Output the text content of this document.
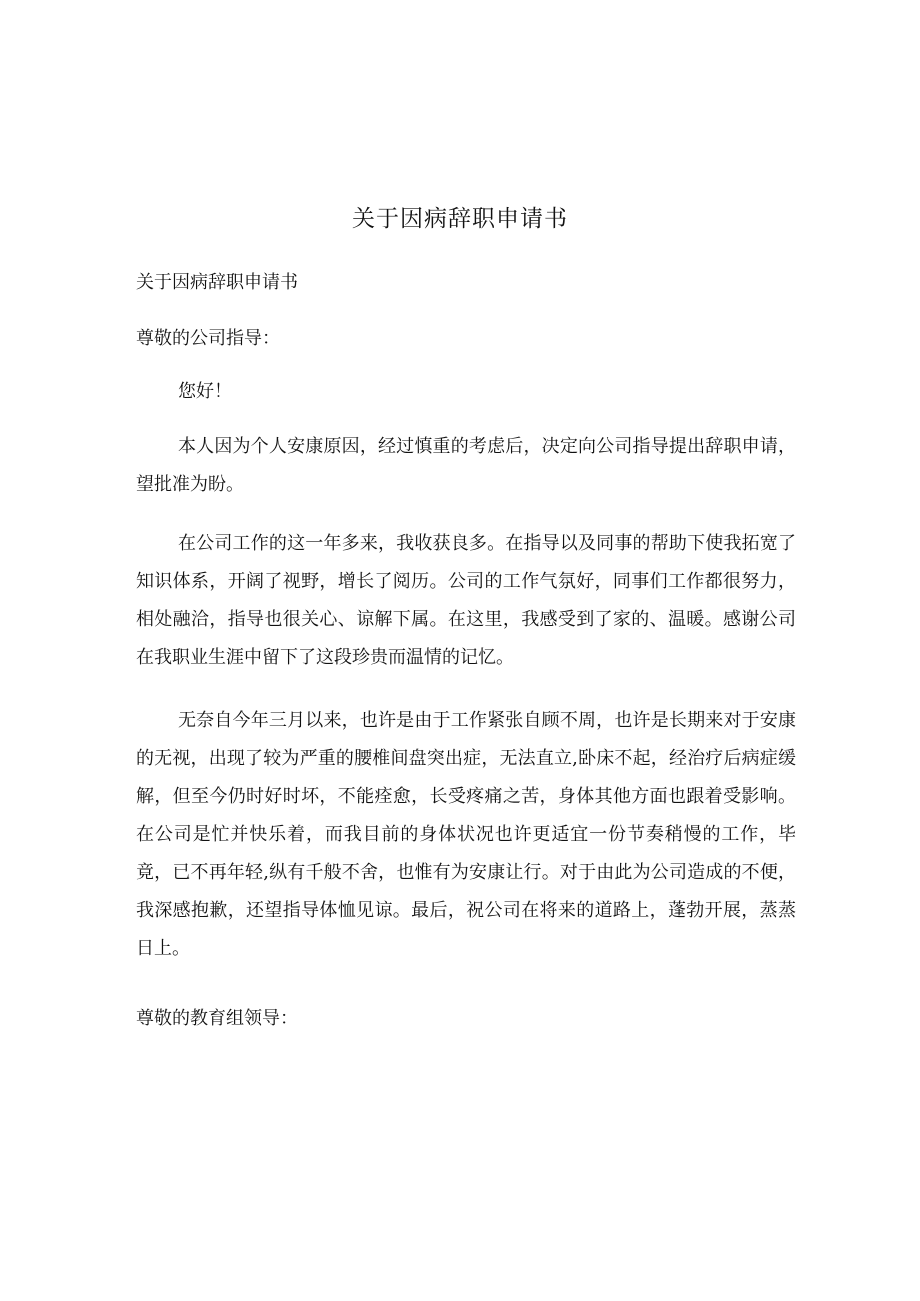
关于因病辞职申请书

关于因病辞职申请书

尊敬的公司指导：

您好！

本人因为个人安康原因，经过慎重的考虑后，决定向公司指导提出辞职申请，望批准为盼。

在公司工作的这一年多来，我收获良多。在指导以及同事的帮助下使我拓宽了知识体系，开阔了视野，增长了阅历。公司的工作气氛好，同事们工作都很努力，相处融洽，指导也很关心、谅解下属。在这里，我感受到了家的、温暖。感谢公司在我职业生涯中留下了这段珍贵而温情的记忆。

无奈自今年三月以来，也许是由于工作紧张自顾不周，也许是长期来对于安康的无视，出现了较为严重的腰椎间盘突出症，无法直立,卧床不起，经治疗后病症缓解，但至今仍时好时坏，不能痊愈，长受疼痛之苦，身体其他方面也跟着受影响。在公司是忙并快乐着，而我目前的身体状况也许更适宜一份节奏稍慢的工作，毕竟，已不再年轻,纵有千般不舍，也惟有为安康让行。对于由此为公司造成的不便，我深感抱歉，还望指导体恤见谅。最后，祝公司在将来的道路上，蓬勃开展，蒸蒸日上。

尊敬的教育组领导：
